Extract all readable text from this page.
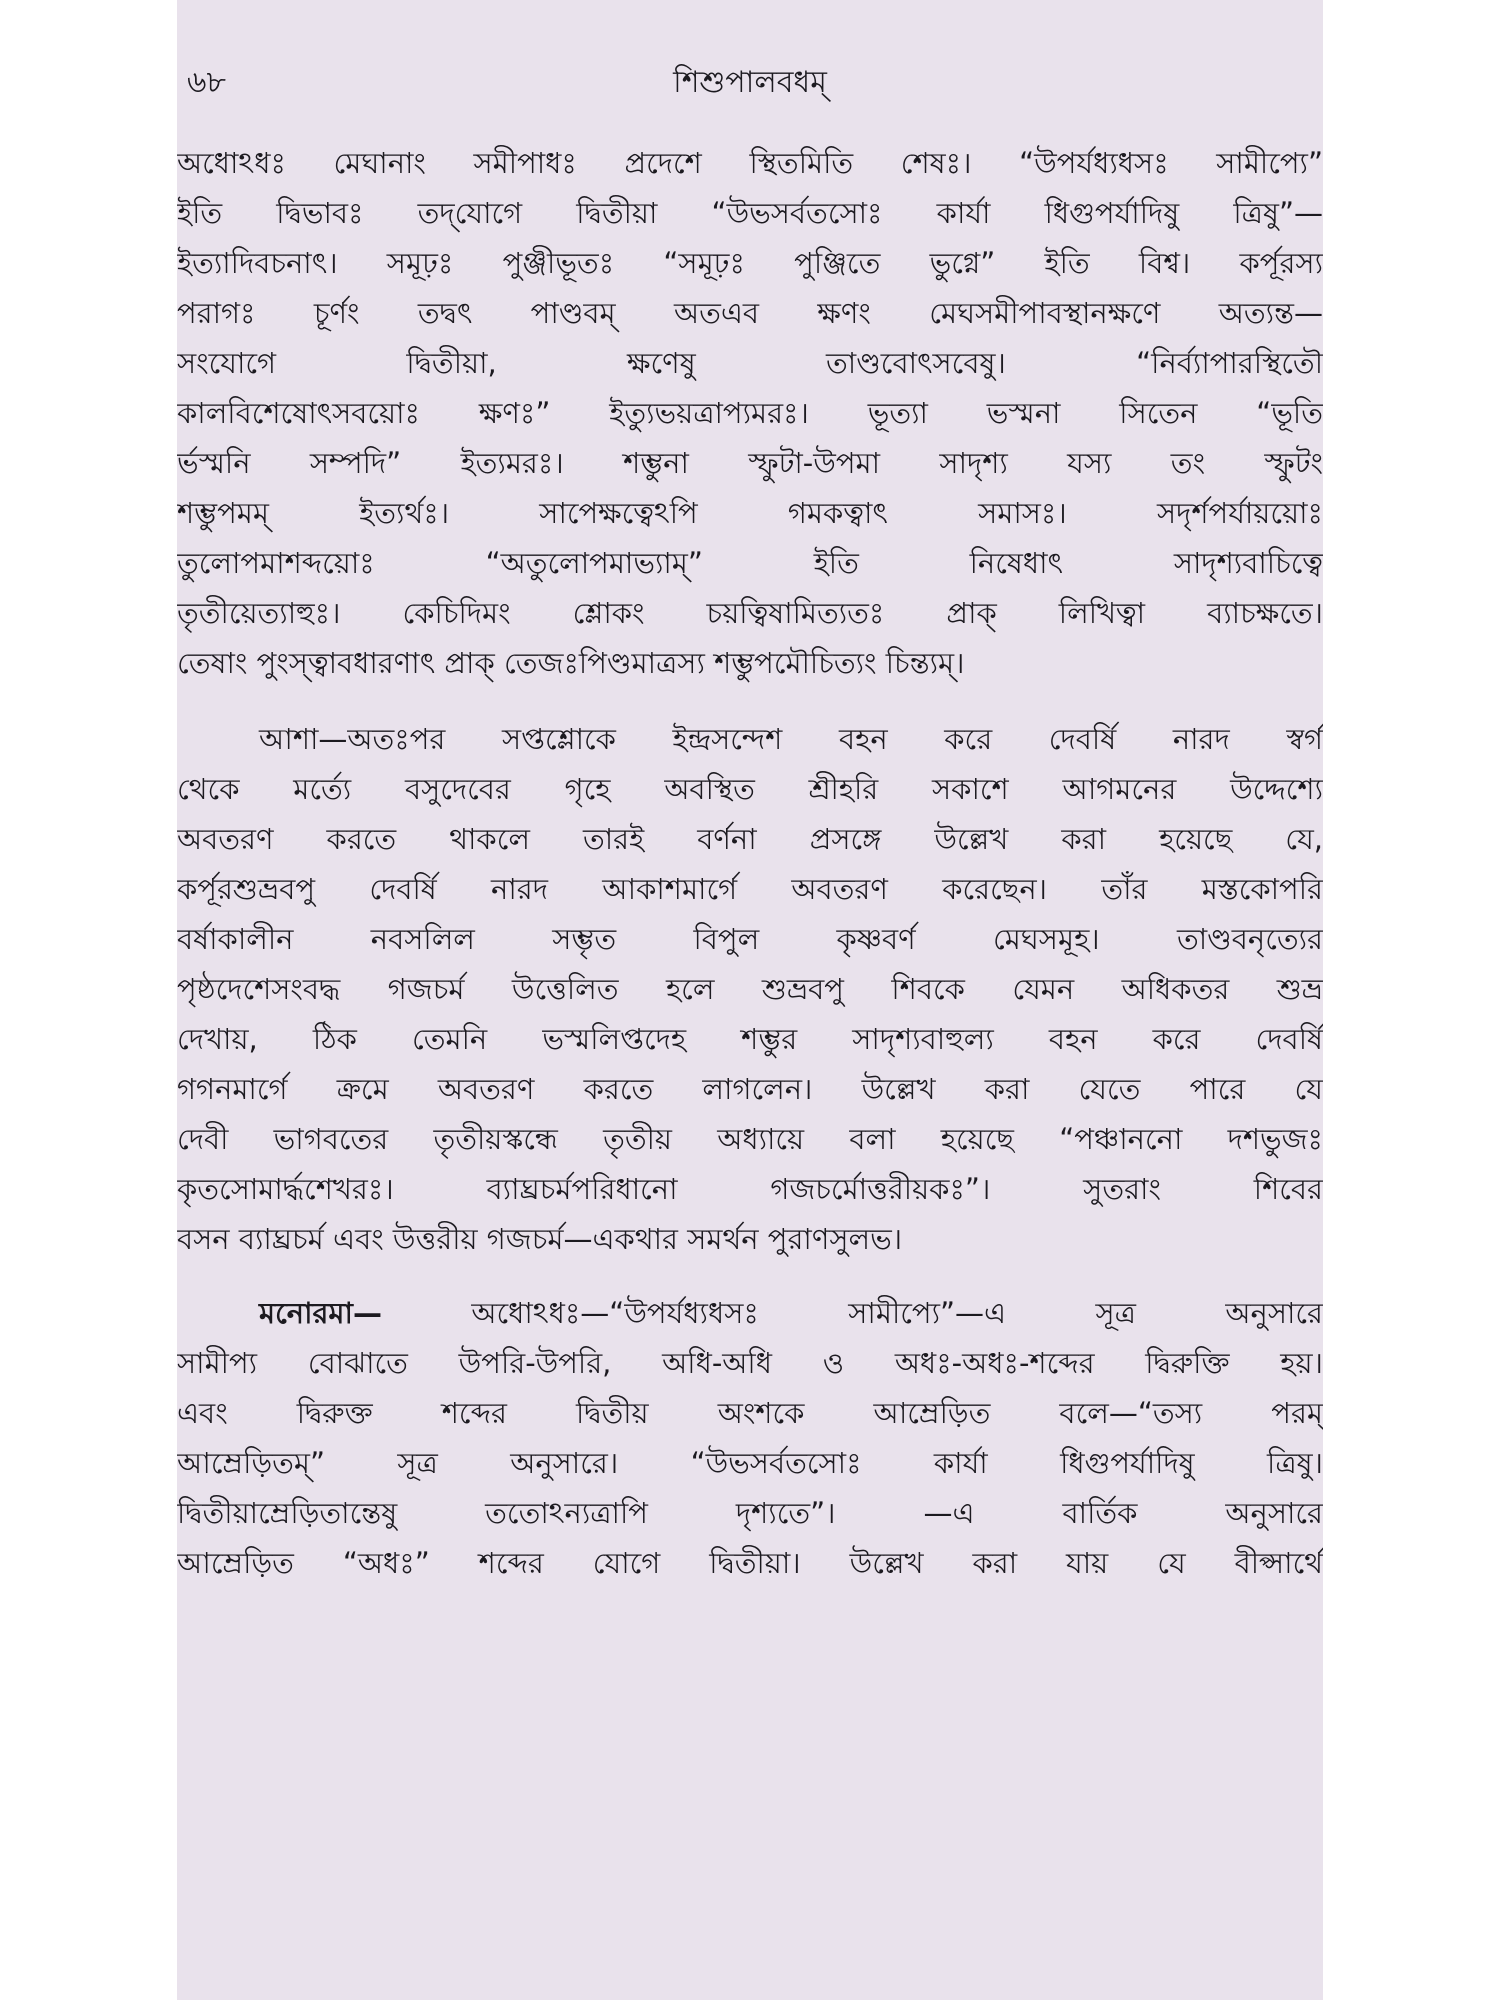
৬৮	শিশুপালবধম্
অধোঽধঃ মেঘানাং সমীপাধঃ প্রদেশে স্থিতমিতি শেষঃ। “উপর্যধ্যধসঃ সামীপ্যে”
ইতি দ্বিভাবঃ তদ্‌যোগে দ্বিতীয়া “উভসর্বতসোঃ কার্যা ধিগুপর্যাদিষু ত্রিষু”—
ইত্যাদিবচনাৎ। সমূঢ়ঃ পুঞ্জীভূতঃ “সমূঢ়ঃ পুঞ্জিতে ভুগ্নে” ইতি বিশ্ব। কর্পূরস্য
পরাগঃ চূর্ণং তদ্বৎ পাণ্ডবম্‌ অতএব ক্ষণং মেঘসমীপাবস্থানক্ষণে অত্যন্ত—
সংযোগে দ্বিতীয়া, ক্ষণেষু তাণ্ডবোৎসবেষু। “নির্ব্যাপারস্থিতৌ
কালবিশেষোৎসবয়োঃ ক্ষণঃ” ইত্যুভয়ত্রাপ্যমরঃ। ভূত্যা ভস্মনা সিতেন “ভূতি
র্ভস্মনি সম্পদি” ইত্যমরঃ। শম্ভুনা স্ফুটা-উপমা সাদৃশ্য যস্য তং স্ফুটং
শম্ভুপমম্‌ ইত্যর্থঃ। সাপেক্ষত্বেঽপি গমকত্বাৎ সমাসঃ। সদৃর্শপর্যায়য়োঃ
তুলোপমাশব্দয়োঃ “অতুলোপমাভ্যাম্‌” ইতি নিষেধাৎ সাদৃশ্যবাচিত্বে
তৃতীয়েত্যাহুঃ। কেচিদিমং শ্লোকং চয়ত্বিষামিত্যতঃ প্রাক্‌ লিখিত্বা ব্যাচক্ষতে।
তেষাং পুংস্ত্বাবধারণাৎ প্রাক্‌ তেজঃপিণ্ডমাত্রস্য শম্ভুপমৌচিত্যং চিন্ত্যম্‌।
আশা—অতঃপর সপ্তশ্লোকে ইন্দ্রসন্দেশ বহন করে দেবর্ষি নারদ স্বর্গ
থেকে মর্ত্যে বসুদেবের গৃহে অবস্থিত শ্রীহরি সকাশে আগমনের উদ্দেশ্যে
অবতরণ করতে থাকলে তারই বর্ণনা প্রসঙ্গে উল্লেখ করা হয়েছে যে,
কর্পূরশুভ্রবপু দেবর্ষি নারদ আকাশমার্গে অবতরণ করেছেন। তাঁর মস্তকোপরি
বর্ষাকালীন নবসলিল সম্ভৃত বিপুল কৃষ্ণবর্ণ মেঘসমূহ। তাণ্ডবনৃত্যের
পৃষ্ঠদেশেসংবদ্ধ গজচর্ম উত্তেলিত হলে শুভ্রবপু শিবকে যেমন অধিকতর শুভ্র
দেখায়, ঠিক তেমনি ভস্মলিপ্তদেহ শম্ভুর সাদৃশ্যবাহুল্য বহন করে দেবর্ষি
গগনমার্গে ক্রমে অবতরণ করতে লাগলেন। উল্লেখ করা যেতে পারে যে
দেবী ভাগবতের তৃতীয়স্কন্ধে তৃতীয় অধ্যায়ে বলা হয়েছে “পঞ্চাননো দশভুজঃ
কৃতসোমার্দ্ধশেখরঃ। ব্যাঘ্রচর্মপরিধানো গজচর্মোত্তরীয়কঃ”। সুতরাং শিবের
বসন ব্যাঘ্রচর্ম এবং উত্তরীয় গজচর্ম—একথার সমর্থন পুরাণসুলভ।
মনোরমা— অধোঽধঃ—“উপর্যধ্যধসঃ সামীপ্যে”—এ সূত্র অনুসারে
সামীপ্য বোঝাতে উপরি-উপরি, অধি-অধি ও অধঃ-অধঃ-শব্দের দ্বিরুক্তি হয়।
এবং দ্বিরুক্ত শব্দের দ্বিতীয় অংশকে আম্রেড়িত বলে—“তস্য পরম্‌
আম্রেড়িতম্‌” সূত্র অনুসারে। “উভসর্বতসোঃ কার্যা ধিগুপর্যাদিষু ত্রিষু।
দ্বিতীয়াম্রেড়িতান্তেষু ততোঽন্যত্রাপি দৃশ্যতে”। —এ বার্তিক অনুসারে
আম্রেড়িত “অধঃ” শব্দের যোগে দ্বিতীয়া। উল্লেখ করা যায় যে বীপ্সার্থে
